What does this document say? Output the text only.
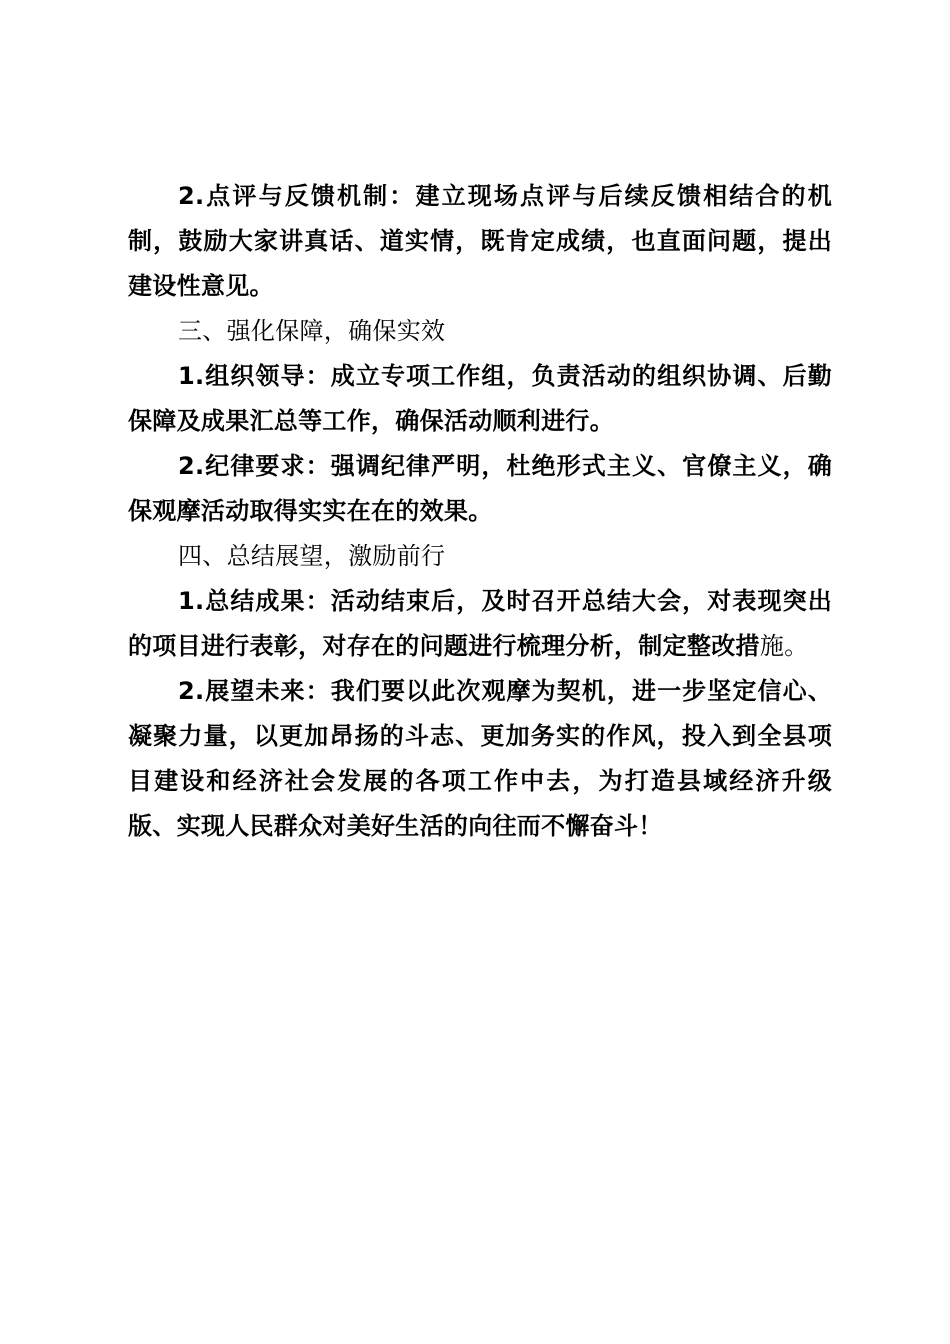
2.点评与反馈机制：建立现场点评与后续反馈相结合的机制，鼓励大家讲真话、道实情，既肯定成绩，也直面问题，提出建设性意见。

三、强化保障，确保实效

1.组织领导：成立专项工作组，负责活动的组织协调、后勤保障及成果汇总等工作，确保活动顺利进行。

2.纪律要求：强调纪律严明，杜绝形式主义、官僚主义，确保观摩活动取得实实在在的效果。

四、总结展望，激励前行

1.总结成果：活动结束后，及时召开总结大会，对表现突出的项目进行表彰，对存在的问题进行梳理分析，制定整改措施。

2.展望未来：我们要以此次观摩为契机，进一步坚定信心、凝聚力量，以更加昂扬的斗志、更加务实的作风，投入到全县项目建设和经济社会发展的各项工作中去，为打造县域经济升级版、实现人民群众对美好生活的向往而不懈奋斗！
